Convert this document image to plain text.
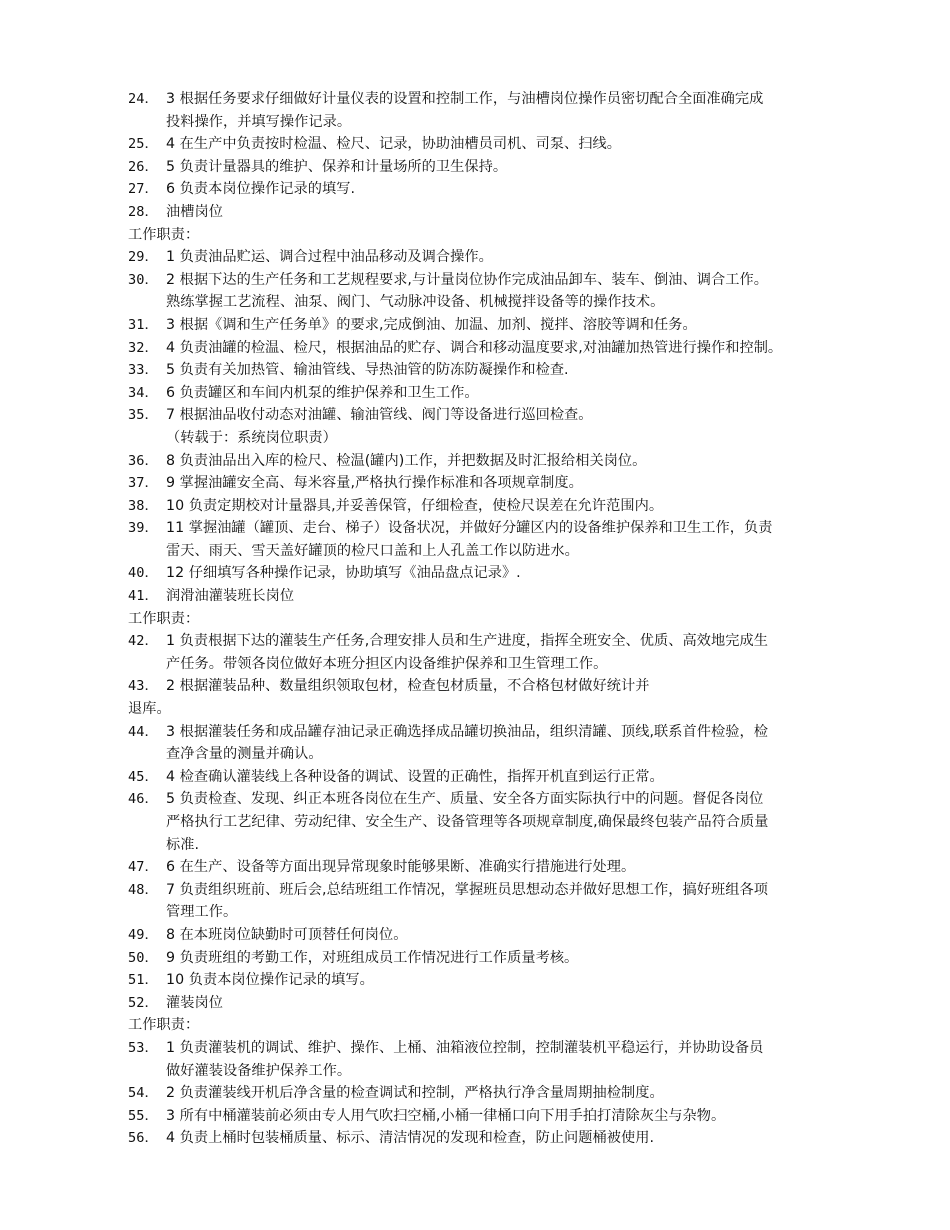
24． 3 根据任务要求仔细做好计量仪表的设置和控制工作，与油槽岗位操作员密切配合全面准确完成
投料操作，并填写操作记录。
25． 4 在生产中负责按时检温、检尺、记录，协助油槽员司机、司泵、扫线。
26． 5 负责计量器具的维护、保养和计量场所的卫生保持。
27． 6 负责本岗位操作记录的填写.
28． 油槽岗位
工作职责：
29． 1 负责油品贮运、调合过程中油品移动及调合操作。
30． 2 根据下达的生产任务和工艺规程要求,与计量岗位协作完成油品卸车、装车、倒油、调合工作。
熟练掌握工艺流程、油泵、阀门、气动脉冲设备、机械搅拌设备等的操作技术。
31． 3 根据《调和生产任务单》的要求,完成倒油、加温、加剂、搅拌、溶胶等调和任务。
32． 4 负责油罐的检温、检尺，根据油品的贮存、调合和移动温度要求,对油罐加热管进行操作和控制。
33． 5 负责有关加热管、输油管线、导热油管的防冻防凝操作和检查.
34． 6 负责罐区和车间内机泵的维护保养和卫生工作。
35． 7 根据油品收付动态对油罐、输油管线、阀门等设备进行巡回检查。
（转载于：系统岗位职责）
36． 8 负责油品出入库的检尺、检温(罐内)工作，并把数据及时汇报给相关岗位。
37． 9 掌握油罐安全高、每米容量,严格执行操作标准和各项规章制度。
38． 10 负责定期校对计量器具,并妥善保管，仔细检查，使检尺误差在允许范围内。
39． 11 掌握油罐（罐顶、走台、梯子）设备状况，并做好分罐区内的设备维护保养和卫生工作，负责
雷天、雨天、雪天盖好罐顶的检尺口盖和上人孔盖工作以防进水。
40． 12 仔细填写各种操作记录，协助填写《油品盘点记录》.
41． 润滑油灌装班长岗位
工作职责：
42． 1 负责根据下达的灌装生产任务,合理安排人员和生产进度，指挥全班安全、优质、高效地完成生
产任务。带领各岗位做好本班分担区内设备维护保养和卫生管理工作。
43． 2 根据灌装品种、数量组织领取包材，检查包材质量，不合格包材做好统计并
退库。
44． 3 根据灌装任务和成品罐存油记录正确选择成品罐切换油品，组织清罐、顶线,联系首件检验，检
查净含量的测量并确认。
45． 4 检查确认灌装线上各种设备的调试、设置的正确性，指挥开机直到运行正常。
46． 5 负责检查、发现、纠正本班各岗位在生产、质量、安全各方面实际执行中的问题。督促各岗位
严格执行工艺纪律、劳动纪律、安全生产、设备管理等各项规章制度,确保最终包装产品符合质量
标准.
47． 6 在生产、设备等方面出现异常现象时能够果断、准确实行措施进行处理。
48． 7 负责组织班前、班后会,总结班组工作情况，掌握班员思想动态并做好思想工作，搞好班组各项
管理工作。
49． 8 在本班岗位缺勤时可顶替任何岗位。
50． 9 负责班组的考勤工作，对班组成员工作情况进行工作质量考核。
51． 10 负责本岗位操作记录的填写。
52． 灌装岗位
工作职责：
53． 1 负责灌装机的调试、维护、操作、上桶、油箱液位控制，控制灌装机平稳运行，并协助设备员
做好灌装设备维护保养工作。
54． 2 负责灌装线开机后净含量的检查调试和控制，严格执行净含量周期抽检制度。
55． 3 所有中桶灌装前必须由专人用气吹扫空桶,小桶一律桶口向下用手拍打清除灰尘与杂物。
56． 4 负责上桶时包装桶质量、标示、清洁情况的发现和检查，防止问题桶被使用.
